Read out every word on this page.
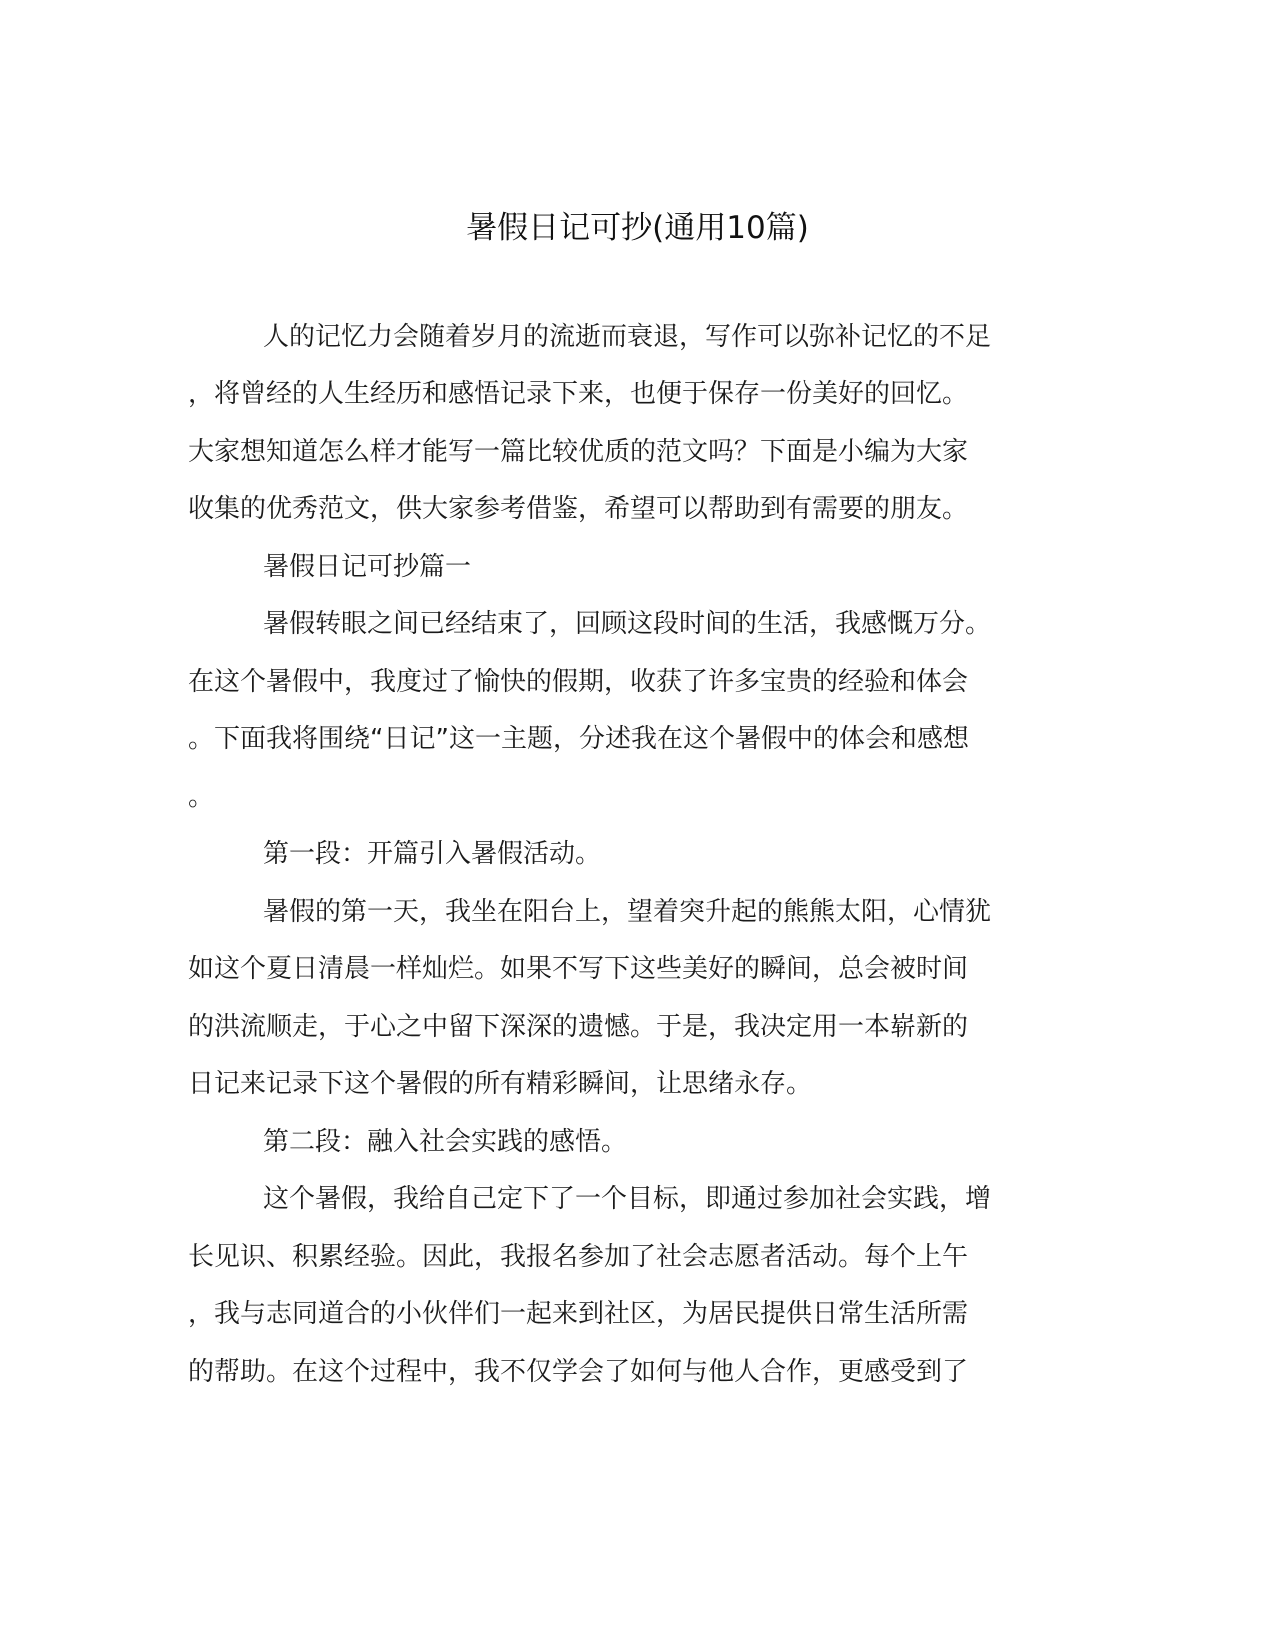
暑假日记可抄(通用10篇)
人的记忆力会随着岁月的流逝而衰退，写作可以弥补记忆的不足
，将曾经的人生经历和感悟记录下来，也便于保存一份美好的回忆。
大家想知道怎么样才能写一篇比较优质的范文吗？下面是小编为大家
收集的优秀范文，供大家参考借鉴，希望可以帮助到有需要的朋友。
暑假日记可抄篇一
暑假转眼之间已经结束了，回顾这段时间的生活，我感慨万分。
在这个暑假中，我度过了愉快的假期，收获了许多宝贵的经验和体会
。下面我将围绕“日记”这一主题，分述我在这个暑假中的体会和感想
。
第一段：开篇引入暑假活动。
暑假的第一天，我坐在阳台上，望着突升起的熊熊太阳，心情犹
如这个夏日清晨一样灿烂。如果不写下这些美好的瞬间，总会被时间
的洪流顺走，于心之中留下深深的遗憾。于是，我决定用一本崭新的
日记来记录下这个暑假的所有精彩瞬间，让思绪永存。
第二段：融入社会实践的感悟。
这个暑假，我给自己定下了一个目标，即通过参加社会实践，增
长见识、积累经验。因此，我报名参加了社会志愿者活动。每个上午
，我与志同道合的小伙伴们一起来到社区，为居民提供日常生活所需
的帮助。在这个过程中，我不仅学会了如何与他人合作，更感受到了
